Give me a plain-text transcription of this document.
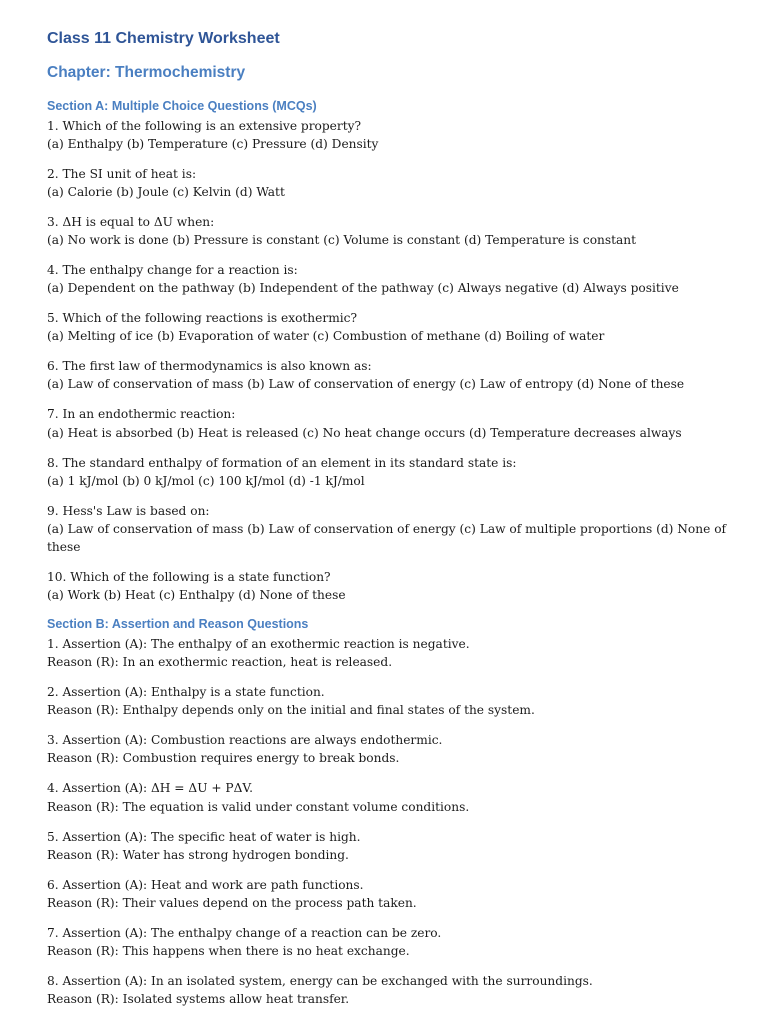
Class 11 Chemistry Worksheet
Chapter: Thermochemistry
Section A: Multiple Choice Questions (MCQs)
1. Which of the following is an extensive property?
(a) Enthalpy (b) Temperature (c) Pressure (d) Density
2. The SI unit of heat is:
(a) Calorie (b) Joule (c) Kelvin (d) Watt
3. ΔH is equal to ΔU when:
(a) No work is done (b) Pressure is constant (c) Volume is constant (d) Temperature is constant
4. The enthalpy change for a reaction is:
(a) Dependent on the pathway (b) Independent of the pathway (c) Always negative (d) Always positive
5. Which of the following reactions is exothermic?
(a) Melting of ice (b) Evaporation of water (c) Combustion of methane (d) Boiling of water
6. The first law of thermodynamics is also known as:
(a) Law of conservation of mass (b) Law of conservation of energy (c) Law of entropy (d) None of these
7. In an endothermic reaction:
(a) Heat is absorbed (b) Heat is released (c) No heat change occurs (d) Temperature decreases always
8. The standard enthalpy of formation of an element in its standard state is:
(a) 1 kJ/mol (b) 0 kJ/mol (c) 100 kJ/mol (d) -1 kJ/mol
9. Hess's Law is based on:
(a) Law of conservation of mass (b) Law of conservation of energy (c) Law of multiple proportions (d) None of these
10. Which of the following is a state function?
(a) Work (b) Heat (c) Enthalpy (d) None of these
Section B: Assertion and Reason Questions
1. Assertion (A): The enthalpy of an exothermic reaction is negative.
Reason (R): In an exothermic reaction, heat is released.
2. Assertion (A): Enthalpy is a state function.
Reason (R): Enthalpy depends only on the initial and final states of the system.
3. Assertion (A): Combustion reactions are always endothermic.
Reason (R): Combustion requires energy to break bonds.
4. Assertion (A): ΔH = ΔU + PΔV.
Reason (R): The equation is valid under constant volume conditions.
5. Assertion (A): The specific heat of water is high.
Reason (R): Water has strong hydrogen bonding.
6. Assertion (A): Heat and work are path functions.
Reason (R): Their values depend on the process path taken.
7. Assertion (A): The enthalpy change of a reaction can be zero.
Reason (R): This happens when there is no heat exchange.
8. Assertion (A): In an isolated system, energy can be exchanged with the surroundings.
Reason (R): Isolated systems allow heat transfer.
